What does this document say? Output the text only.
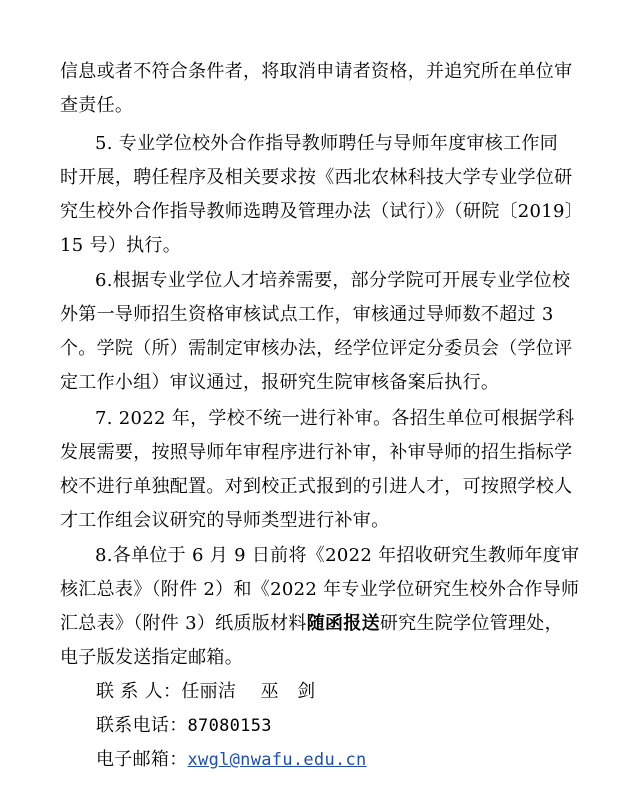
信息或者不符合条件者，将取消申请者资格，并追究所在单位审
查责任。
5. 专业学位校外合作指导教师聘任与导师年度审核工作同
时开展，聘任程序及相关要求按《西北农林科技大学专业学位研
究生校外合作指导教师选聘及管理办法（试行）》（研院〔2019〕
15 号）执行。
6.根据专业学位人才培养需要，部分学院可开展专业学位校
外第一导师招生资格审核试点工作，审核通过导师数不超过 3
个。学院（所）需制定审核办法，经学位评定分委员会（学位评
定工作小组）审议通过，报研究生院审核备案后执行。
7. 2022 年，学校不统一进行补审。各招生单位可根据学科
发展需要，按照导师年审程序进行补审，补审导师的招生指标学
校不进行单独配置。对到校正式报到的引进人才，可按照学校人
才工作组会议研究的导师类型进行补审。
8.各单位于 6 月 9 日前将《2022 年招收研究生教师年度审
核汇总表》（附件 2）和《2022 年专业学位研究生校外合作导师
汇总表》（附件 3）纸质版材料随函报送研究生院学位管理处，
电子版发送指定邮箱。
联 系 人：任丽洁　 巫　剑
联系电话：87080153
电子邮箱：xwgl@nwafu.edu.cn
